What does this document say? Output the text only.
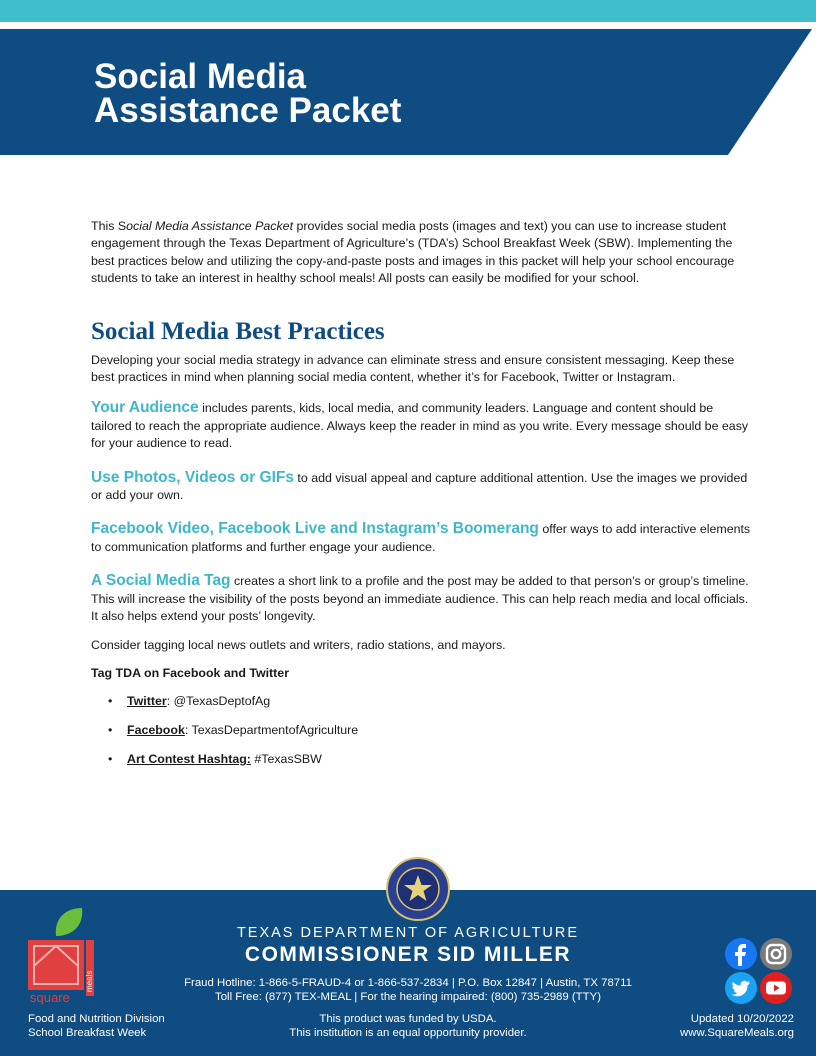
Social Media
Assistance Packet

This Social Media Assistance Packet provides social media posts (images and text) you can use to increase student engagement through the Texas Department of Agriculture’s (TDA’s) School Breakfast Week (SBW). Implementing the best practices below and utilizing the copy-and-paste posts and images in this packet will help your school encourage students to take an interest in healthy school meals! All posts can easily be modified for your school.

Social Media Best Practices

Developing your social media strategy in advance can eliminate stress and ensure consistent messaging. Keep these best practices in mind when planning social media content, whether it’s for Facebook, Twitter or Instagram.

Your Audience includes parents, kids, local media, and community leaders. Language and content should be tailored to reach the appropriate audience. Always keep the reader in mind as you write. Every message should be easy for your audience to read.

Use Photos, Videos or GIFs to add visual appeal and capture additional attention. Use the images we provided or add your own.

Facebook Video, Facebook Live and Instagram’s Boomerang offer ways to add interactive elements to communication platforms and further engage your audience.

A Social Media Tag creates a short link to a profile and the post may be added to that person’s or group’s timeline. This will increase the visibility of the posts beyond an immediate audience. This can help reach media and local officials. It also helps extend your posts’ longevity.

Consider tagging local news outlets and writers, radio stations, and mayors.

Tag TDA on Facebook and Twitter

• Twitter: @TexasDeptofAg
• Facebook: TexasDepartmentofAgriculture
• Art Contest Hashtag: #TexasSBW
TEXAS DEPARTMENT OF AGRICULTURE
COMMISSIONER SID MILLER
Fraud Hotline: 1-866-5-FRAUD-4 or 1-866-537-2834 | P.O. Box 12847 | Austin, TX 78711
Toll Free: (877) TEX-MEAL | For the hearing impaired: (800) 735-2989 (TTY)
square
meals
Food and Nutrition Division
School Breakfast Week
This product was funded by USDA.
This institution is an equal opportunity provider.
Updated 10/20/2022
www.SquareMeals.org
